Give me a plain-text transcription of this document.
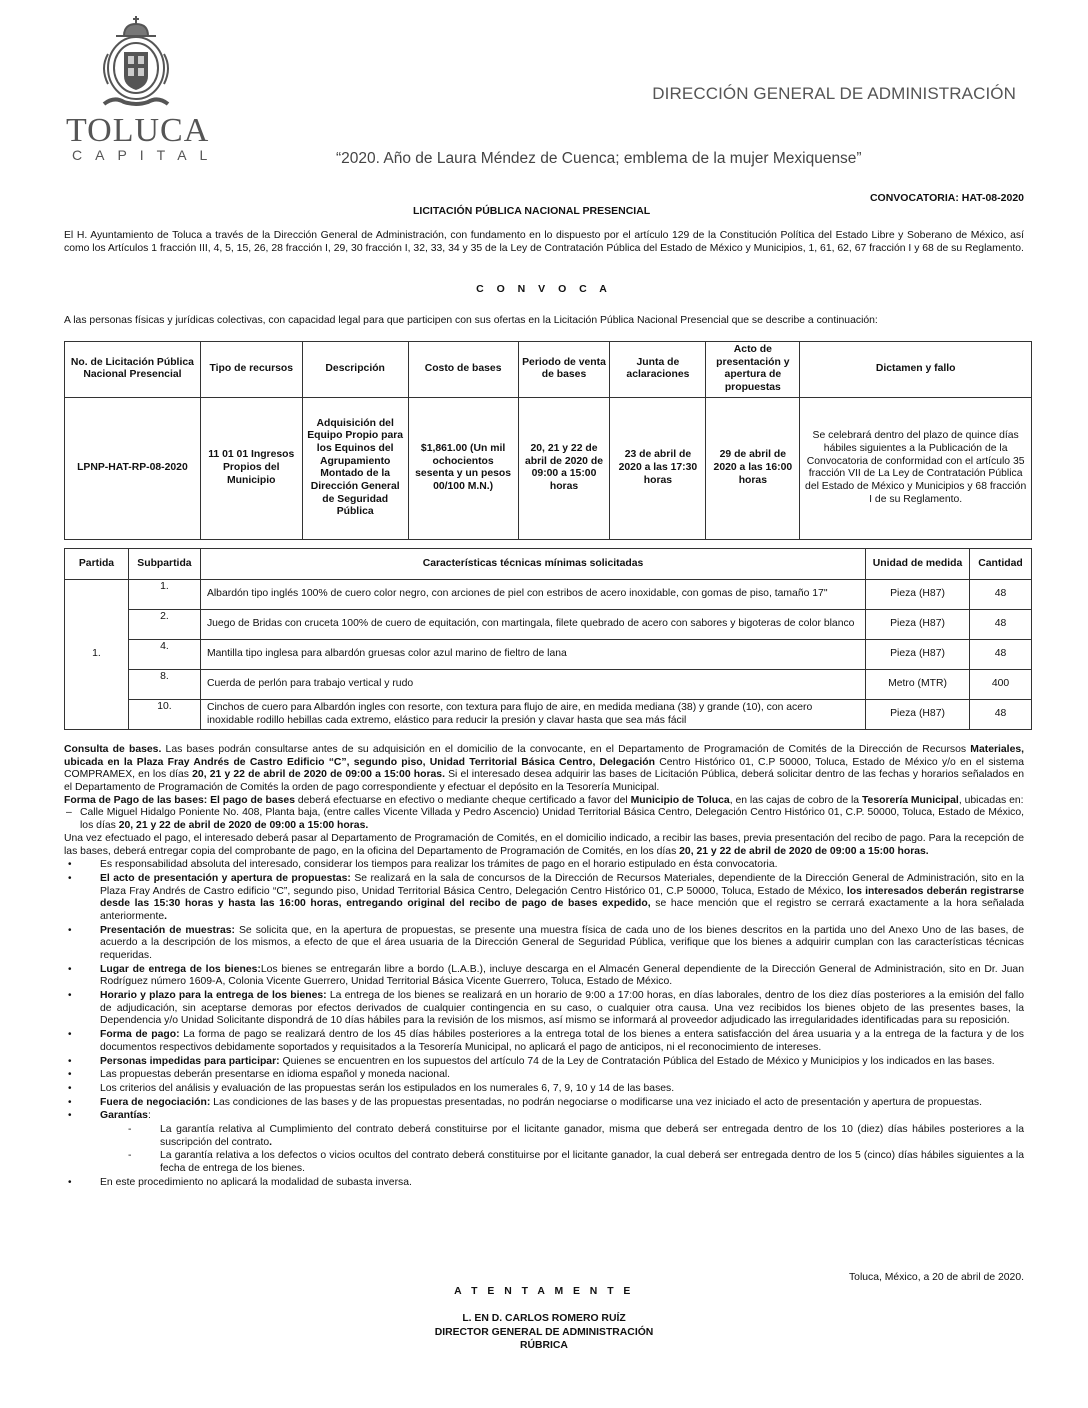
TOLUCA
CAPITAL
DIRECCIÓN GENERAL DE ADMINISTRACIÓN
“2020. Año de Laura Méndez de Cuenca; emblema de la mujer Mexiquense”
CONVOCATORIA: HAT-08-2020
LICITACIÓN PÚBLICA NACIONAL PRESENCIAL

El H. Ayuntamiento de Toluca a través de la Dirección General de Administración, con fundamento en lo dispuesto por el artículo 129 de la Constitución Política del Estado Libre y Soberano de México, así como los Artículos 1 fracción III, 4, 5, 15, 26, 28 fracción I, 29, 30 fracción I, 32, 33, 34 y 35 de la Ley de Contratación Pública del Estado de México y Municipios, 1, 61, 62, 67 fracción I y 68 de su Reglamento.

C O N V O C A

A las personas físicas y jurídicas colectivas, con capacidad legal para que participen con sus ofertas en la Licitación Pública Nacional Presencial que se describe a continuación:

No. de Licitación Pública Nacional Presencial	Tipo de recursos	Descripción	Costo de bases	Periodo de venta de bases	Junta de aclaraciones	Acto de presentación y apertura de propuestas	Dictamen y fallo
LPNP-HAT-RP-08-2020	11 01 01 Ingresos Propios del Municipio	Adquisición del Equipo Propio para los Equinos del Agrupamiento Montado de la Dirección General de Seguridad Pública	$1,861.00 (Un mil ochocientos sesenta y un pesos 00/100 M.N.)	20, 21 y 22 de abril de 2020 de 09:00 a 15:00 horas	23 de abril de 2020 a las 17:30 horas	29 de abril de 2020 a las 16:00 horas	Se celebrará dentro del plazo de quince días hábiles siguientes a la Publicación de la Convocatoria de conformidad con el artículo 35 fracción VII de La Ley de Contratación Pública del Estado de México y Municipios y 68 fracción I de su Reglamento.
Partida	Subpartida	Características técnicas mínimas solicitadas	Unidad de medida	Cantidad
1.	1.	Albardón tipo inglés 100% de cuero color negro, con arciones de piel con estribos de acero inoxidable, con gomas de piso, tamaño 17"	Pieza (H87)	48
	2.	Juego de Bridas con cruceta 100% de cuero de equitación, con martingala, filete quebrado de acero con sabores y bigoteras de color blanco	Pieza (H87)	48
	4.	Mantilla tipo inglesa para albardón gruesas color azul marino de fieltro de lana	Pieza (H87)	48
	8.	Cuerda de perlón para trabajo vertical y rudo	Metro (MTR)	400
	10.	Cinchos de cuero para Albardón ingles con resorte, con textura para flujo de aire, en medida mediana (38) y grande (10), con acero inoxidable rodillo hebillas cada extremo, elástico para reducir la presión y clavar hasta que sea más fácil	Pieza (H87)	48

Consulta de bases. Las bases podrán consultarse antes de su adquisición en el domicilio de la convocante, en el Departamento de Programación de Comités de la Dirección de Recursos Materiales, ubicada en la Plaza Fray Andrés de Castro Edificio “C”, segundo piso, Unidad Territorial Básica Centro, Delegación Centro Histórico 01, C.P 50000, Toluca, Estado de México y/o en el sistema COMPRAMEX, en los días 20, 21 y 22 de abril de 2020 de 09:00 a 15:00 horas. Si el interesado desea adquirir las bases de Licitación Pública, deberá solicitar dentro de las fechas y horarios señalados en el Departamento de Programación de Comités la orden de pago correspondiente y efectuar el depósito en la Tesorería Municipal.

Forma de Pago de las bases: El pago de bases deberá efectuarse en efectivo o mediante cheque certificado a favor del Municipio de Toluca, en las cajas de cobro de la Tesorería Municipal, ubicadas en:

– Calle Miguel Hidalgo Poniente No. 408, Planta baja, (entre calles Vicente Villada y Pedro Ascencio) Unidad Territorial Básica Centro, Delegación Centro Histórico 01, C.P. 50000, Toluca, Estado de México, los días 20, 21 y 22 de abril de 2020 de 09:00 a 15:00 horas.

Una vez efectuado el pago, el interesado deberá pasar al Departamento de Programación de Comités, en el domicilio indicado, a recibir las bases, previa presentación del recibo de pago. Para la recepción de las bases, deberá entregar copia del comprobante de pago, en la oficina del Departamento de Programación de Comités, en los días 20, 21 y 22 de abril de 2020 de 09:00 a 15:00 horas.

•	Es responsabilidad absoluta del interesado, considerar los tiempos para realizar los trámites de pago en el horario estipulado en ésta convocatoria.
•	El acto de presentación y apertura de propuestas: Se realizará en la sala de concursos de la Dirección de Recursos Materiales, dependiente de la Dirección General de Administración, sito en la Plaza Fray Andrés de Castro edificio “C”, segundo piso, Unidad Territorial Básica Centro, Delegación Centro Histórico 01, C.P 50000, Toluca, Estado de México, los interesados deberán registrarse desde las 15:30 horas y hasta las 16:00 horas, entregando original del recibo de pago de bases expedido, se hace mención que el registro se cerrará exactamente a la hora señalada anteriormente.
•	Presentación de muestras: Se solicita que, en la apertura de propuestas, se presente una muestra física de cada uno de los bienes descritos en la partida uno del Anexo Uno de las bases, de acuerdo a la descripción de los mismos, a efecto de que el área usuaria de la Dirección General de Seguridad Pública, verifique que los bienes a adquirir cumplan con las características técnicas requeridas.
•	Lugar de entrega de los bienes:Los bienes se entregarán libre a bordo (L.A.B.), incluye descarga en el Almacén General dependiente de la Dirección General de Administración, sito en Dr. Juan Rodríguez número 1609-A, Colonia Vicente Guerrero, Unidad Territorial Básica Vicente Guerrero, Toluca, Estado de México.
•	Horario y plazo para la entrega de los bienes: La entrega de los bienes se realizará en un horario de 9:00 a 17:00 horas, en días laborales, dentro de los diez días posteriores a la emisión del fallo de adjudicación, sin aceptarse demoras por efectos derivados de cualquier contingencia en su caso, o cualquier otra causa. Una vez recibidos los bienes objeto de las presentes bases, la Dependencia y/o Unidad Solicitante dispondrá de 10 días hábiles para la revisión de los mismos, así mismo se informará al proveedor adjudicado las irregularidades identificadas para su reposición.
•	Forma de pago: La forma de pago se realizará dentro de los 45 días hábiles posteriores a la entrega total de los bienes a entera satisfacción del área usuaria y a la entrega de la factura y de los documentos respectivos debidamente soportados y requisitados a la Tesorería Municipal, no aplicará el pago de anticipos, ni el reconocimiento de intereses.
•	Personas impedidas para participar: Quienes se encuentren en los supuestos del artículo 74 de la Ley de Contratación Pública del Estado de México y Municipios y los indicados en las bases.
•	Las propuestas deberán presentarse en idioma español y moneda nacional.
•	Los criterios del análisis y evaluación de las propuestas serán los estipulados en los numerales 6, 7, 9, 10 y 14 de las bases.
•	Fuera de negociación: Las condiciones de las bases y de las propuestas presentadas, no podrán negociarse o modificarse una vez iniciado el acto de presentación y apertura de propuestas.
•	Garantías:
-	La garantía relativa al Cumplimiento del contrato deberá constituirse por el licitante ganador, misma que deberá ser entregada dentro de los 10 (diez) días hábiles posteriores a la suscripción del contrato.
-	La garantía relativa a los defectos o vicios ocultos del contrato deberá constituirse por el licitante ganador, la cual deberá ser entregada dentro de los 5 (cinco) días hábiles siguientes a la fecha de entrega de los bienes.
•	En este procedimiento no aplicará la modalidad de subasta inversa.
Toluca, México, a 20 de abril de 2020.
A T E N T A M E N T E
L. EN D. CARLOS ROMERO RUÍZ
DIRECTOR GENERAL DE ADMINISTRACIÓN
RÚBRICA
